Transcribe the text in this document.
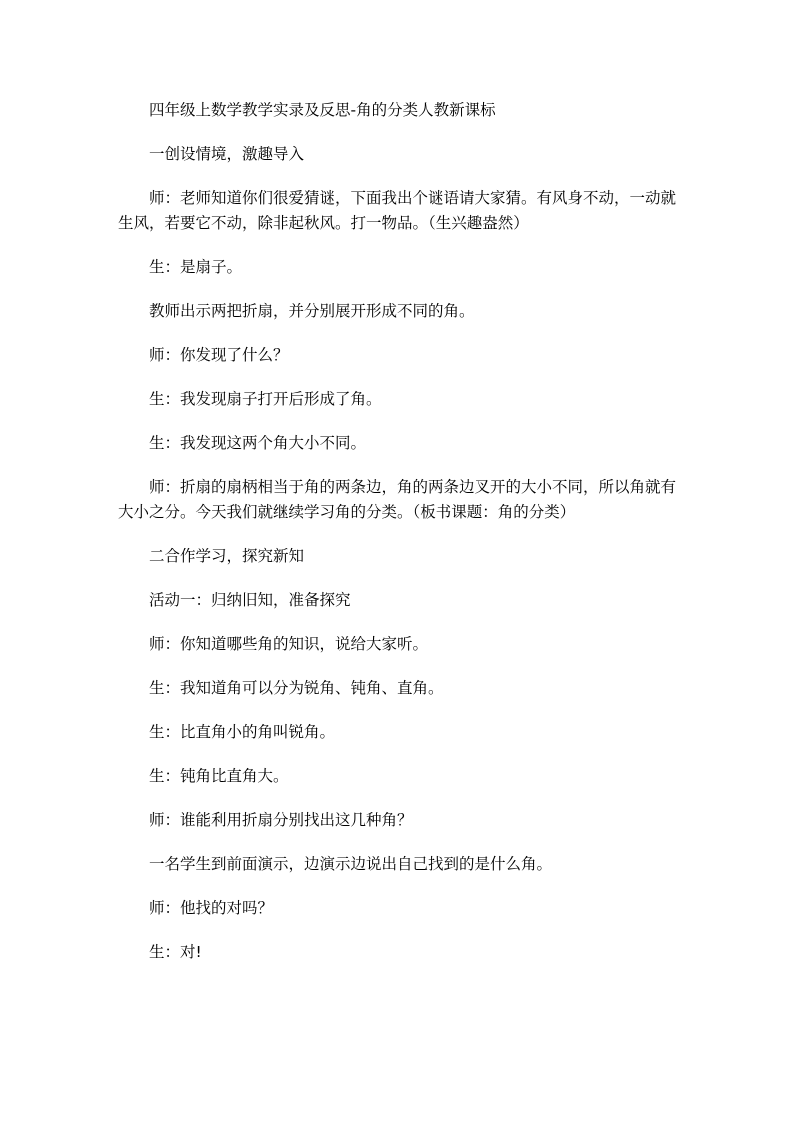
四年级上数学教学实录及反思-角的分类人教新课标

一创设情境，激趣导入

师：老师知道你们很爱猜谜，下面我出个谜语请大家猜。有风身不动，一动就生风，若要它不动，除非起秋风。打一物品。（生兴趣盎然）

生：是扇子。

教师出示两把折扇，并分别展开形成不同的角。

师：你发现了什么？

生：我发现扇子打开后形成了角。

生：我发现这两个角大小不同。

师：折扇的扇柄相当于角的两条边，角的两条边叉开的大小不同，所以角就有大小之分。今天我们就继续学习角的分类。（板书课题：角的分类）

二合作学习，探究新知

活动一：归纳旧知，准备探究

师：你知道哪些角的知识，说给大家听。

生：我知道角可以分为锐角、钝角、直角。

生：比直角小的角叫锐角。

生：钝角比直角大。

师：谁能利用折扇分别找出这几种角？

一名学生到前面演示，边演示边说出自己找到的是什么角。

师：他找的对吗？

生：对!
